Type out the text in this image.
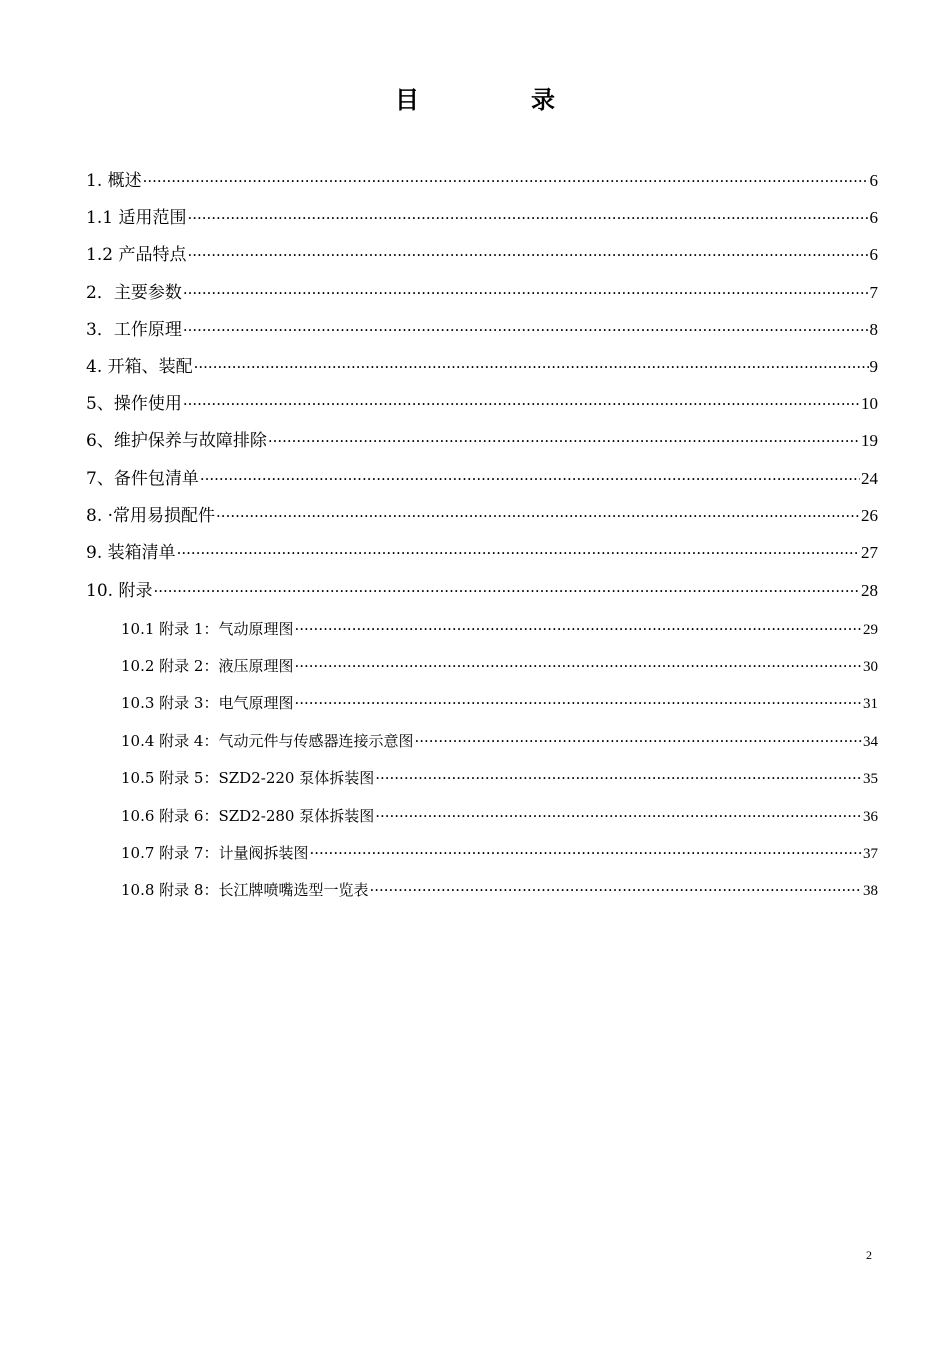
目　录
1. 概述 ·····	6
1.1 适用范围 ·····	6
1.2 产品特点 ·····	6
2．主要参数 ·····	7
3．工作原理 ·····	8
4. 开箱、装配 ·····	9
5、操作使用 ·····	10
6、维护保养与故障排除 ·····	19
7、备件包清单 ·····	24
8. ·常用易损配件 ·····	26
9. 装箱清单 ·····	27
10. 附录 ·····	28
10.1 附录 1：气动原理图 ·····	29
10.2 附录 2：液压原理图 ·····	30
10.3 附录 3：电气原理图 ·····	31
10.4 附录 4：气动元件与传感器连接示意图 ·····	34
10.5 附录 5：SZD2-220 泵体拆装图 ·····	35
10.6 附录 6：SZD2-280 泵体拆装图 ·····	36
10.7 附录 7：计量阀拆装图 ·····	37
10.8 附录 8：长江牌喷嘴选型一览表 ·····	38
2
